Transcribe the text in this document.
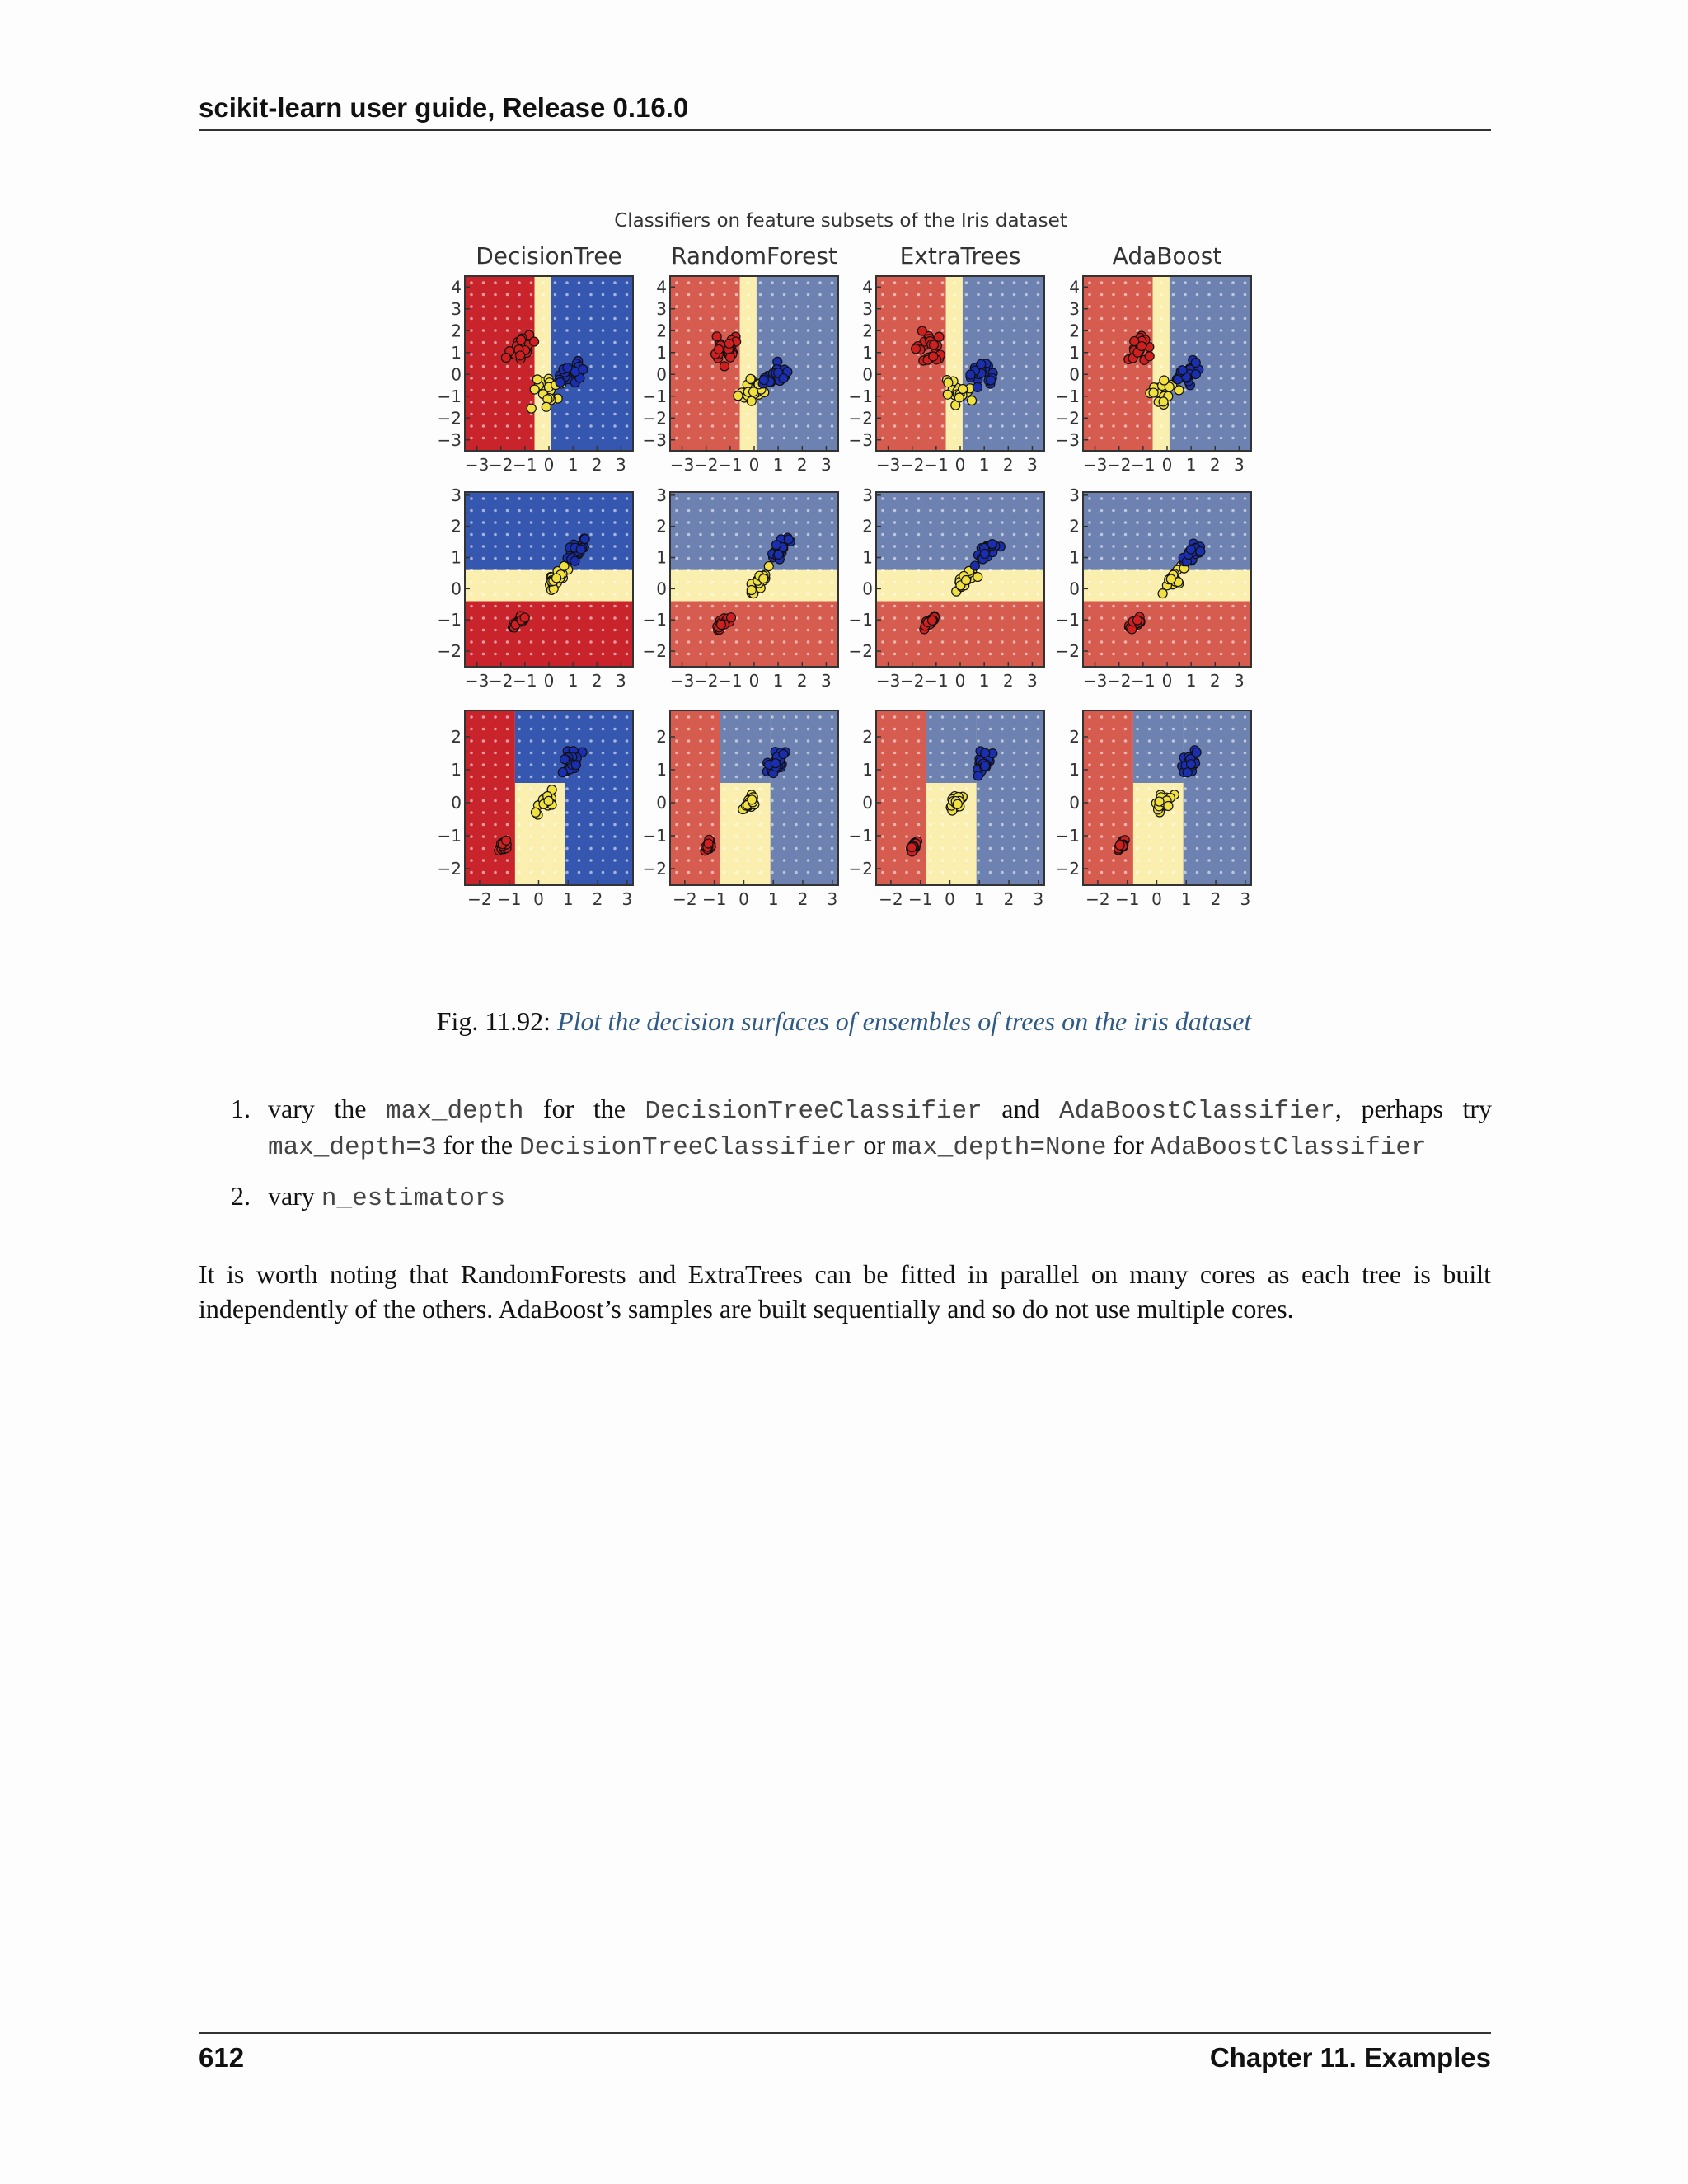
scikit-learn user guide, Release 0.16.0
Classifiers on feature subsets of the Iris dataset
DecisionTree RandomForest	ExtraTrees	AdaBoost
4
3
2
1
0
−1
−2
−3
−3 −2 −1 0 1 2 3
4
3
2
1
0
−1
−2
−3
−3 −2 −1 0 1 2 3
4
3
2
1
0
−1
−2
−3
−3 −2 −1 0 1 2 3
4
3
2
1
0
−1
−2
−3
−3 −2 −1 0 1 2 3
3
2
1
0
−1
−2
−3 −2 −1 0 1 2 3
3
2
1
0
−1
−2
−3 −2 −1 0 1 2 3
3
2
1
0
−1
−2
−3 −2 −1 0 1 2 3
3
2
1
0
−1
−2
−3 −2 −1 0 1 2 3
2
1
0
−1
−2
−2 −1 0 1 2 3
2
1
0
−1
−2
−2 −1 0 1 2 3
2
1
0
−1
−2
−2 −1 0 1 2 3
2
1
0
−1
−2
−2 −1 0 1 2 3
Fig. 11.92: Plot the decision surfaces of ensembles of trees on the iris dataset
1. vary the max_depth for the DecisionTreeClassifier and AdaBoostClassifier, perhaps try max_depth=3 for the DecisionTreeClassifier or max_depth=None for AdaBoostClassifier
2. vary n_estimators
It is worth noting that RandomForests and ExtraTrees can be fitted in parallel on many cores as each tree is built independently of the others. AdaBoost’s samples are built sequentially and so do not use multiple cores.
612	Chapter 11. Examples
